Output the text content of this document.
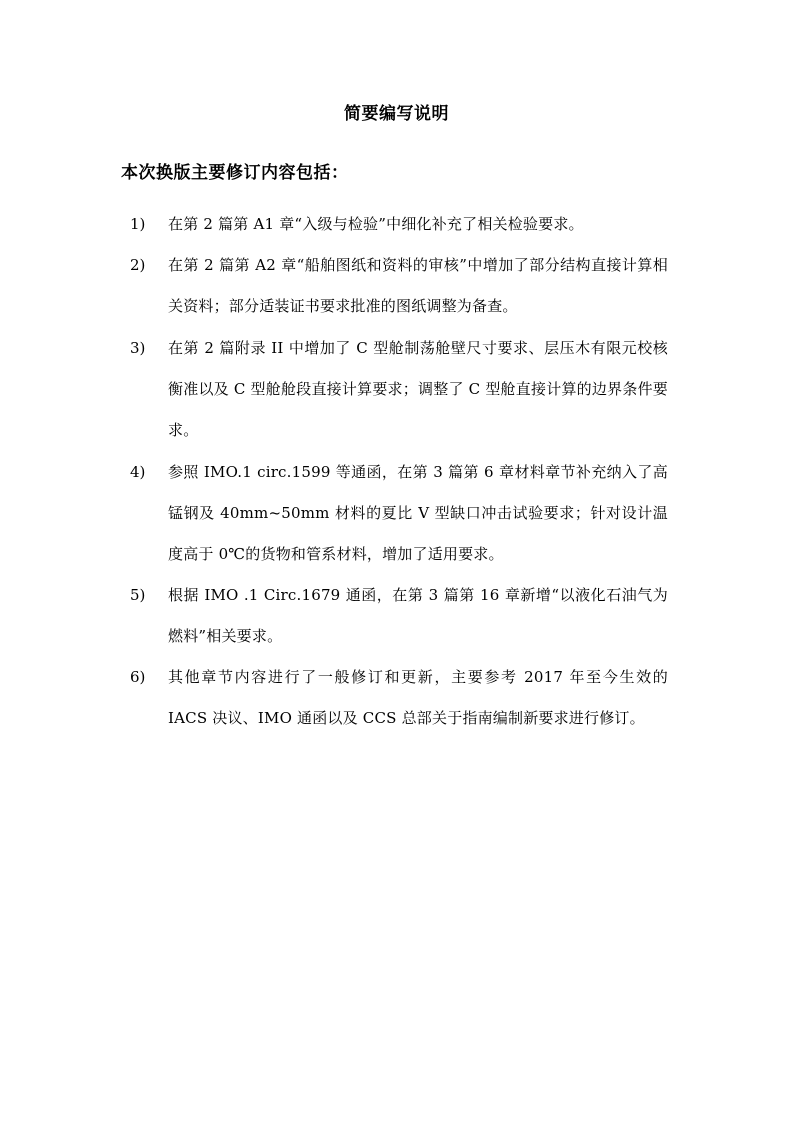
简要编写说明
本次换版主要修订内容包括：
1)	在第 2 篇第 A1 章“入级与检验”中细化补充了相关检验要求。
2)	在第 2 篇第 A2 章“船舶图纸和资料的审核”中增加了部分结构直接计算相关资料；部分适装证书要求批准的图纸调整为备查。
3)	在第 2 篇附录 II 中增加了 C 型舱制荡舱壁尺寸要求、层压木有限元校核衡准以及 C 型舱舱段直接计算要求；调整了 C 型舱直接计算的边界条件要求。
4)	参照 IMO.1 circ.1599 等通函，在第 3 篇第 6 章材料章节补充纳入了高锰钢及 40mm~50mm 材料的夏比 V 型缺口冲击试验要求；针对设计温度高于 0℃的货物和管系材料，增加了适用要求。
5)	根据 IMO .1 Circ.1679 通函，在第 3 篇第 16 章新增“以液化石油气为燃料”相关要求。
6)	其他章节内容进行了一般修订和更新，主要参考 2017 年至今生效的 IACS 决议、IMO 通函以及 CCS 总部关于指南编制新要求进行修订。
